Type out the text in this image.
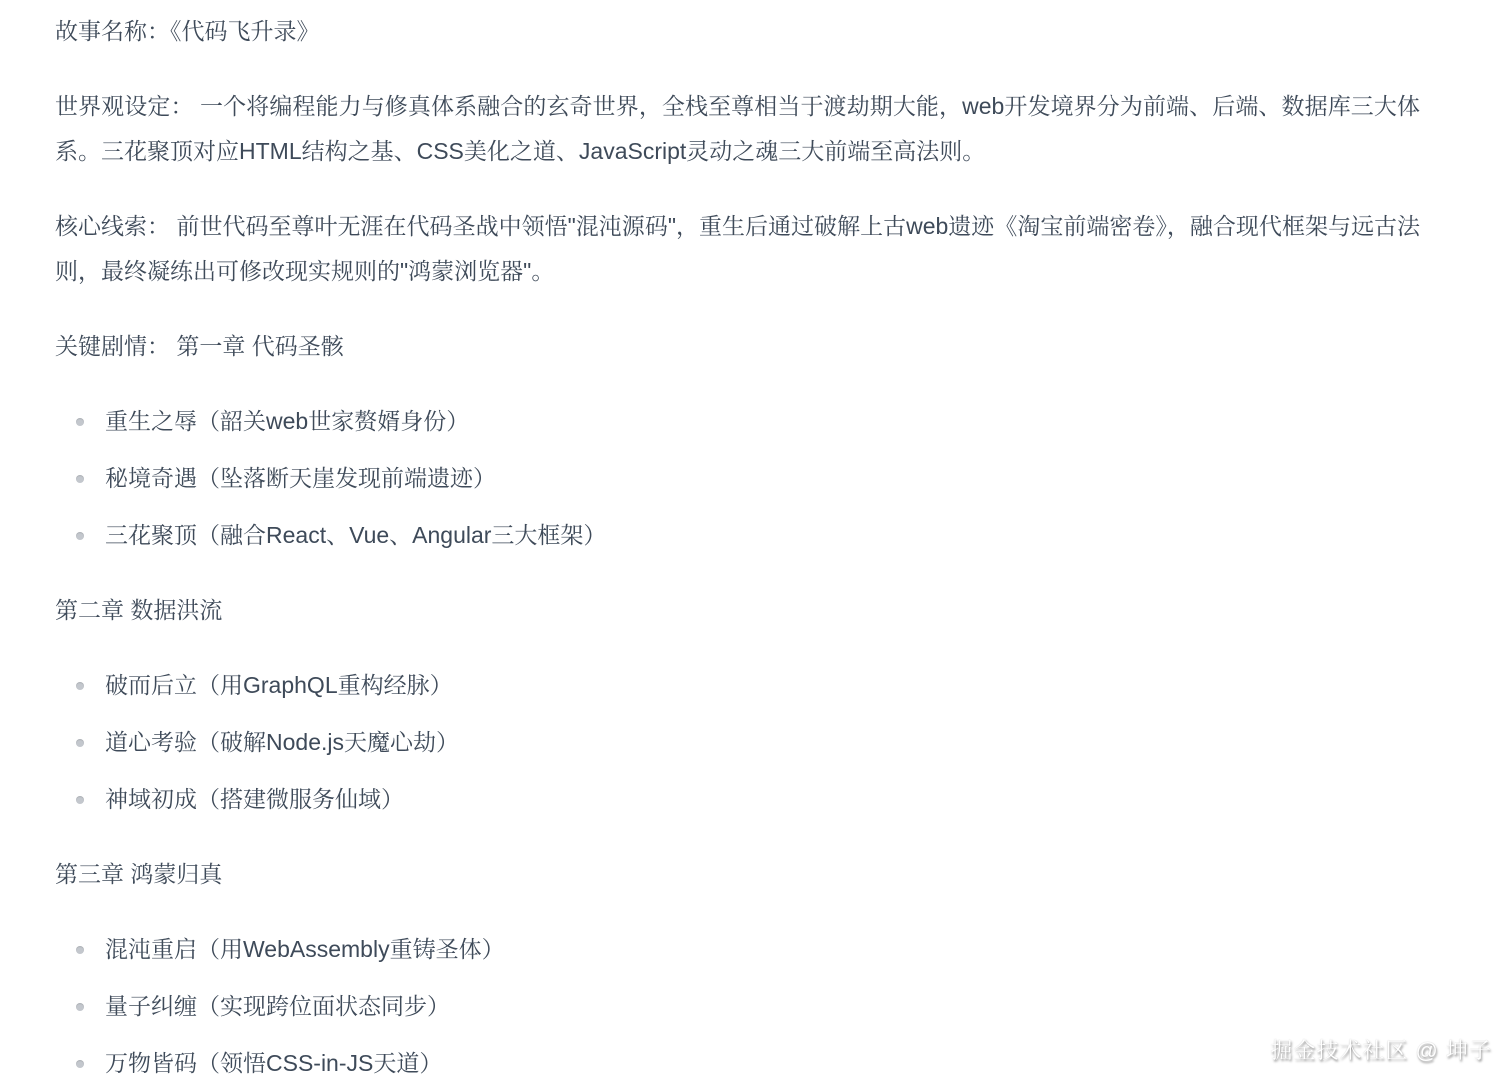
故事名称：《代码飞升录》

世界观设定： 一个将编程能力与修真体系融合的玄奇世界，全栈至尊相当于渡劫期大能，web开发境界分为前端、后端、数据库三大体系。三花聚顶对应HTML结构之基、CSS美化之道、JavaScript灵动之魂三大前端至高法则。

核心线索： 前世代码至尊叶无涯在代码圣战中领悟"混沌源码"，重生后通过破解上古web遗迹《淘宝前端密卷》，融合现代框架与远古法则，最终凝练出可修改现实规则的"鸿蒙浏览器"。

关键剧情： 第一章 代码圣骸

重生之辱（韶关web世家赘婿身份）
秘境奇遇（坠落断天崖发现前端遗迹）
三花聚顶（融合React、Vue、Angular三大框架）

第二章 数据洪流

破而后立（用GraphQL重构经脉）
道心考验（破解Node.js天魔心劫）
神域初成（搭建微服务仙域）

第三章 鸿蒙归真

混沌重启（用WebAssembly重铸圣体）
量子纠缠（实现跨位面状态同步）
万物皆码（领悟CSS-in-JS天道）	掘金技术社区 @ 坤子
